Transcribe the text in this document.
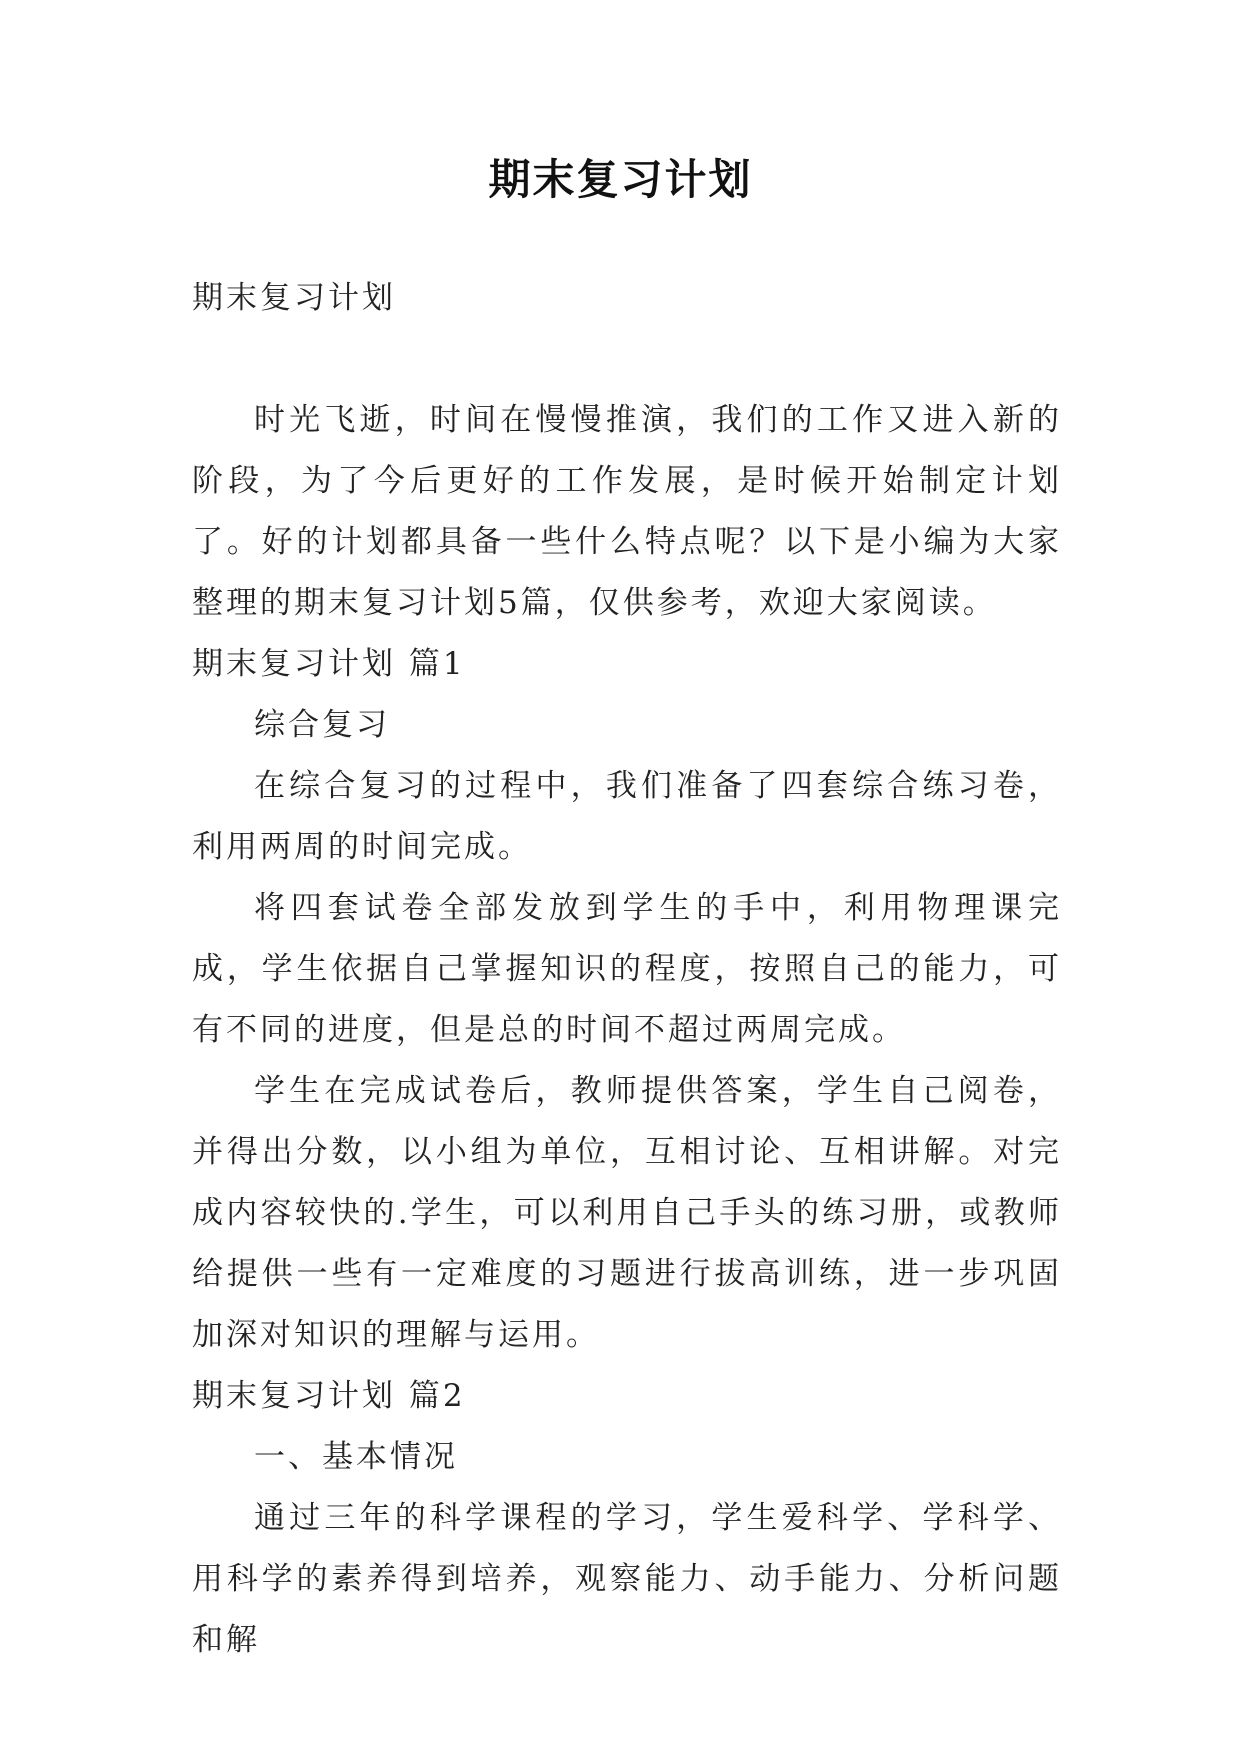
期末复习计划

期末复习计划

时光飞逝，时间在慢慢推演，我们的工作又进入新的阶段，为了今后更好的工作发展，是时候开始制定计划了。好的计划都具备一些什么特点呢？以下是小编为大家整理的期末复习计划5篇，仅供参考，欢迎大家阅读。

期末复习计划 篇1

综合复习

在综合复习的过程中，我们准备了四套综合练习卷，利用两周的时间完成。

将四套试卷全部发放到学生的手中，利用物理课完成，学生依据自己掌握知识的程度，按照自己的能力，可有不同的进度，但是总的时间不超过两周完成。

学生在完成试卷后，教师提供答案，学生自己阅卷，并得出分数，以小组为单位，互相讨论、互相讲解。对完成内容较快的.学生，可以利用自己手头的练习册，或教师给提供一些有一定难度的习题进行拔高训练，进一步巩固加深对知识的理解与运用。

期末复习计划 篇2

一、基本情况

通过三年的科学课程的学习，学生爱科学、学科学、用科学的素养得到培养，观察能力、动手能力、分析问题和解
